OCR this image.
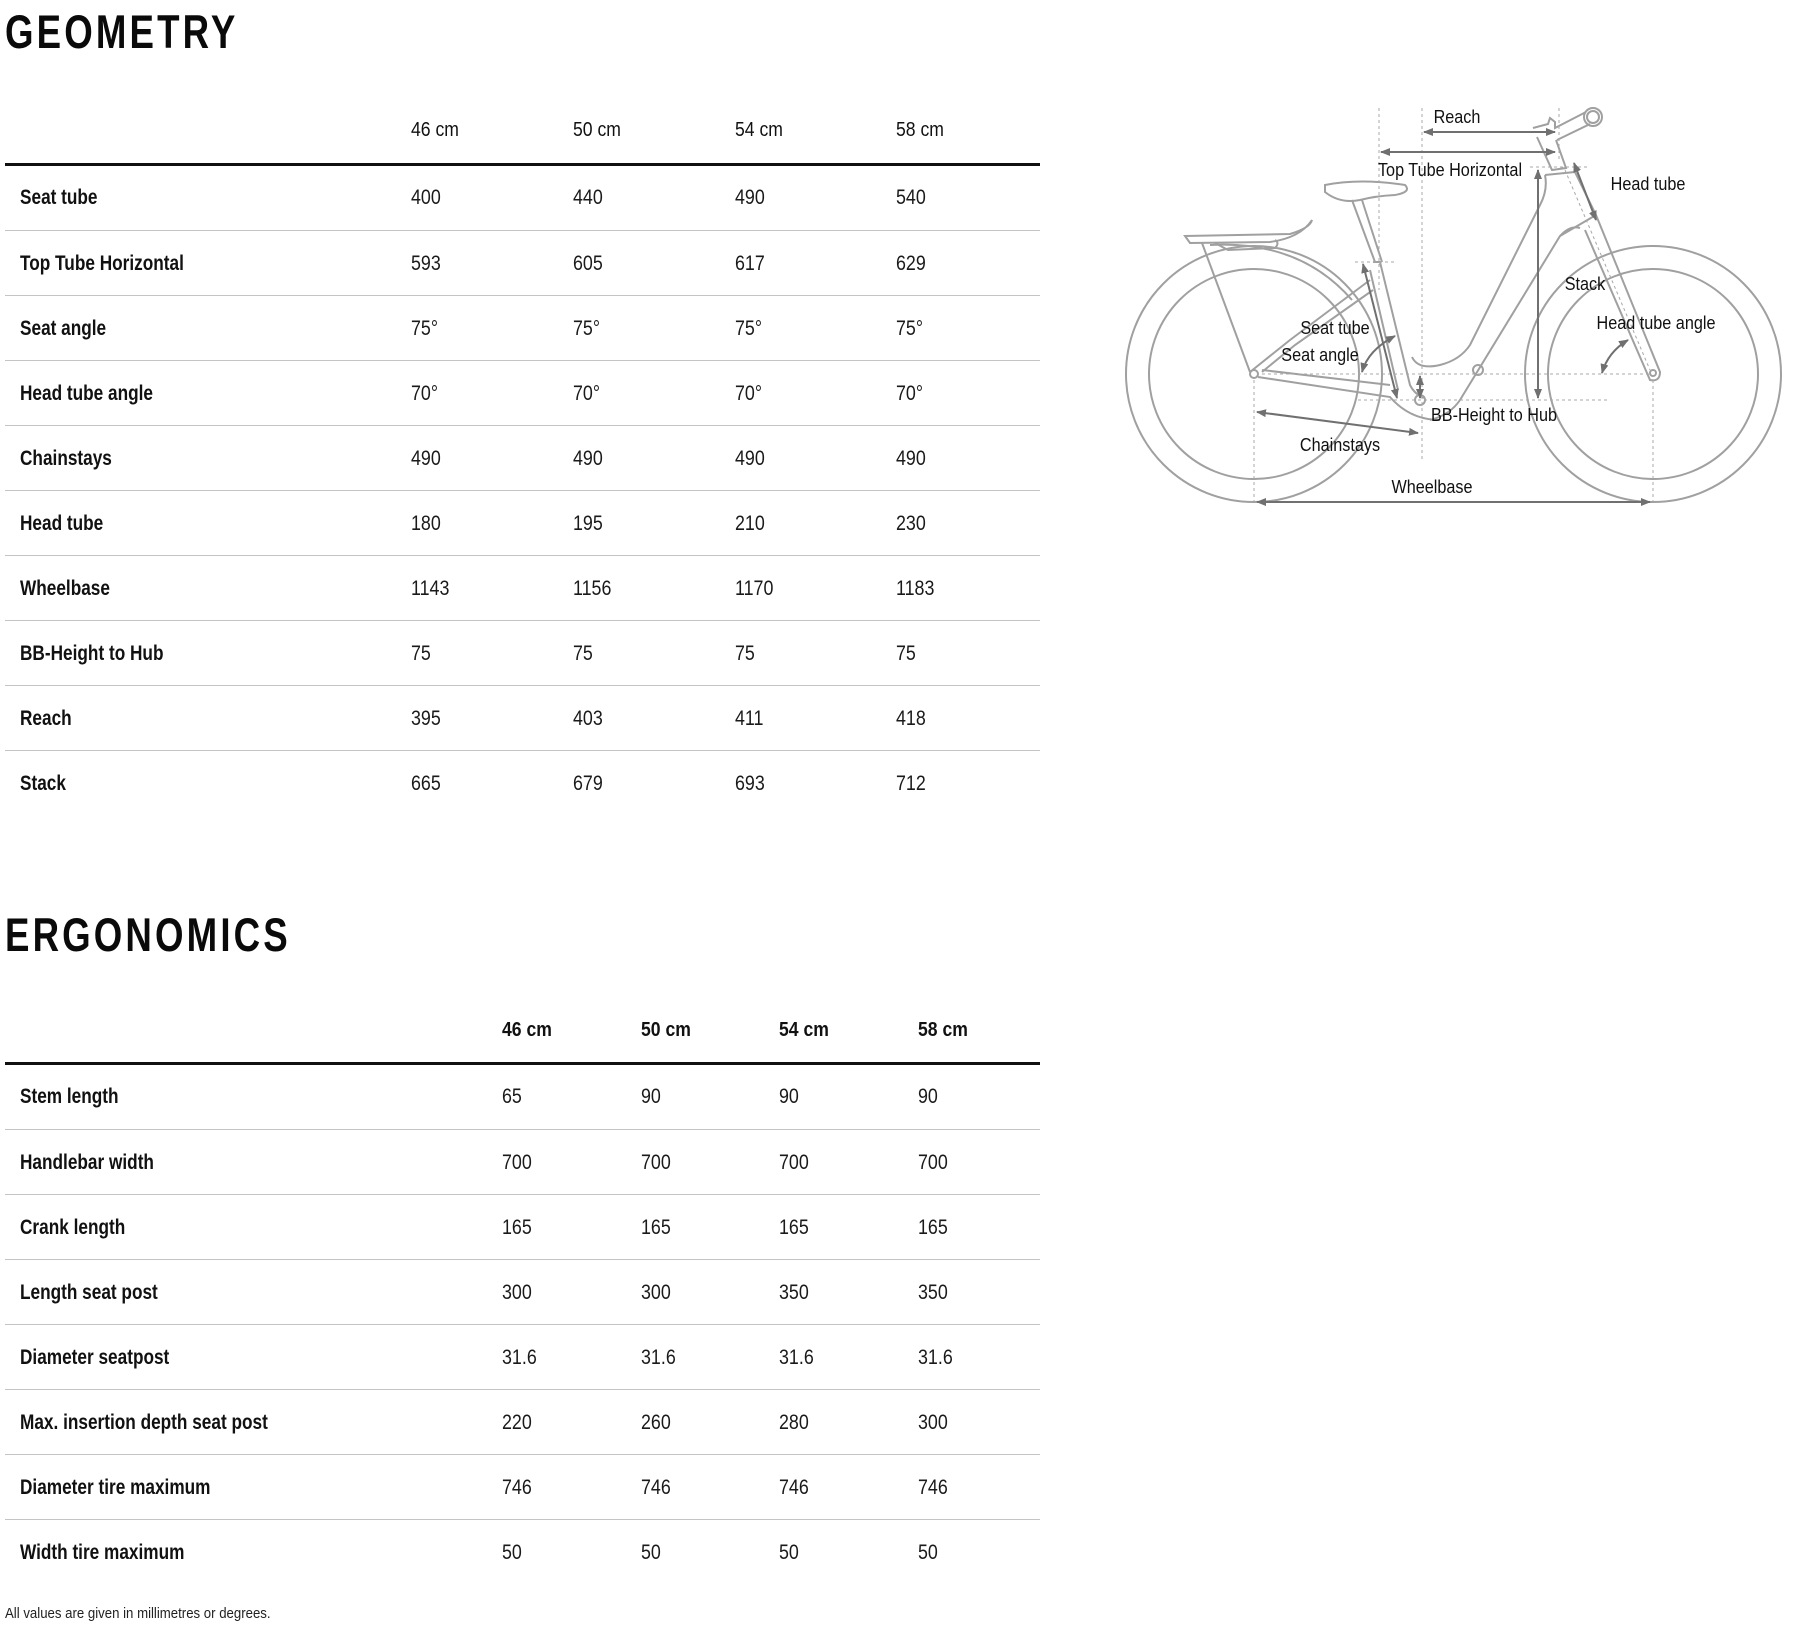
GEOMETRY
46 cm	50 cm	54 cm	58 cm
Seat tube	400	440	490	540
Top Tube Horizontal	593	605	617	629
Seat angle	75°	75°	75°	75°
Head tube angle	70°	70°	70°	70°
Chainstays	490	490	490	490
Head tube	180	195	210	230
Wheelbase	1143	1156	1170	1183
BB-Height to Hub	75	75	75	75
Reach	395	403	411	418
Stack	665	679	693	712
Reach
Top Tube Horizontal
Head tube
Stack
Seat tube
Seat angle
Head tube angle
BB-Height to Hub
Chainstays
Wheelbase
ERGONOMICS
46 cm	50 cm	54 cm	58 cm
Stem length	65	90	90	90
Handlebar width	700	700	700	700
Crank length	165	165	165	165
Length seat post	300	300	350	350
Diameter seatpost	31.6	31.6	31.6	31.6
Max. insertion depth seat post	220	260	280	300
Diameter tire maximum	746	746	746	746
Width tire maximum	50	50	50	50
All values are given in millimetres or degrees.
